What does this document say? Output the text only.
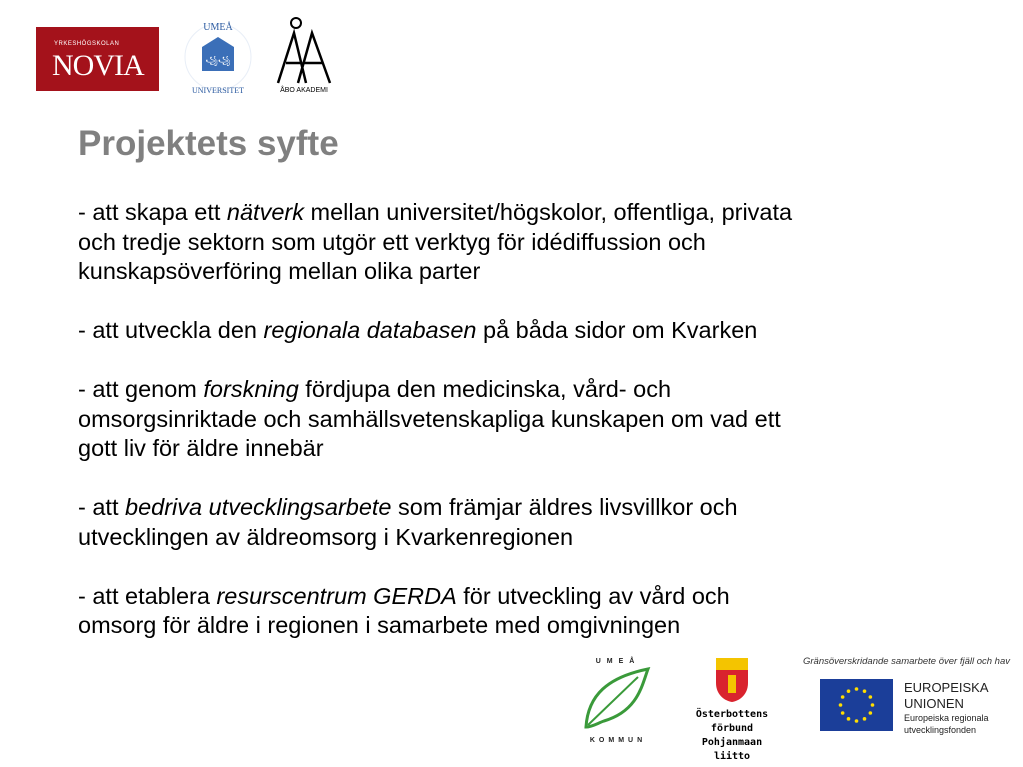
YRKESHÖGSKOLAN
NOVIA
UMEÅ
UNIVERSITET
꧁꧁
ÅBO AKADEMI
Projektets syfte

- att skapa ett nätverk mellan universitet/högskolor, offentliga, privata
och tredje sektorn som utgör ett verktyg för idédiffussion och
kunskapsöverföring mellan olika parter

- att utveckla den regionala databasen på båda sidor om Kvarken

- att genom forskning fördjupa den medicinska, vård- och
omsorgsinriktade och samhällsvetenskapliga kunskapen om vad ett
gott liv för äldre innebär

- att bedriva utvecklingsarbete som främjar äldres livsvillkor och
utvecklingen av äldreomsorg i Kvarkenregionen

- att etablera resurscentrum GERDA för utveckling av vård och
omsorg för äldre i regionen i samarbete med omgivningen

UMEÅ
KOMMUN
Österbottens förbund
Pohjanmaan liitto
Gränsöverskridande samarbete över fjäll och hav
EUROPEISKA
UNIONEN
Europeiska regionala
utvecklingsfonden
